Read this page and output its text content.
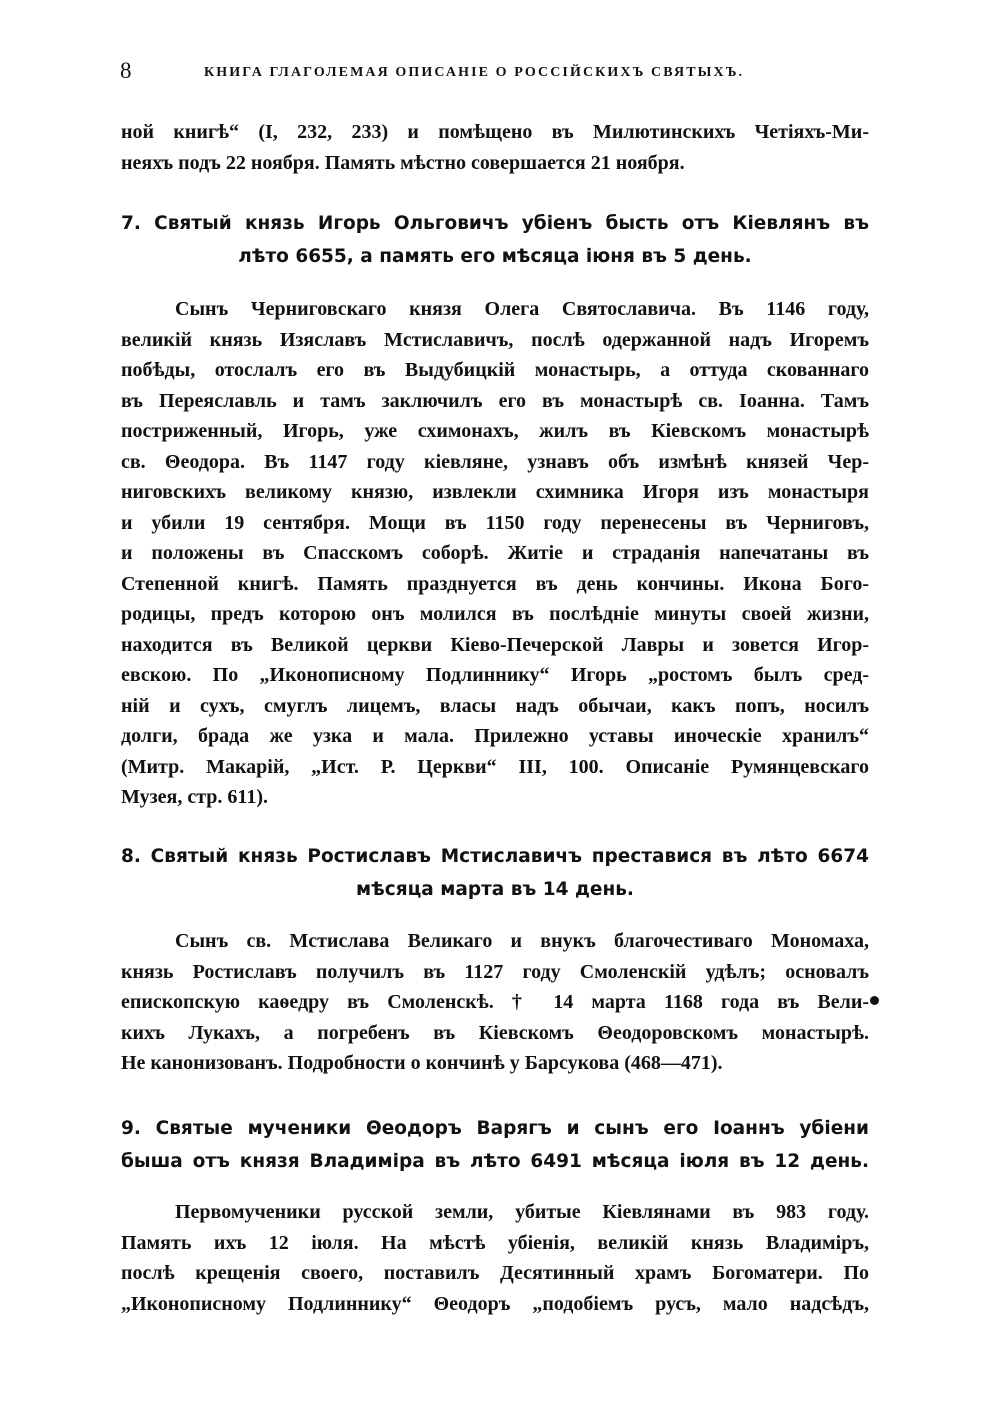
8	КНИГА ГЛАГОЛЕМАЯ ОПИСАНІЕ О РОССІЙСКИХЪ СВЯТЫХЪ.
ной книгѣ“ (I, 232, 233) и помѣщено въ Милютинскихъ Четіяхъ-Ми-
неяхъ подъ 22 ноября. Память мѣстно совершается 21 ноября.
7. Святый князь Игорь Ольговичъ убіенъ бысть отъ Кіевлянъ въ
лѣто 6655, а память его мѣсяца іюня въ 5 день.
Сынъ Черниговскаго князя Олега Святославича. Въ 1146 году,
великій князь Изяславъ Мстиславичъ, послѣ одержанной надъ Игоремъ
побѣды, отослалъ его въ Выдубицкій монастырь, а оттуда скованнаго
въ Переяславль и тамъ заключилъ его въ монастырѣ св. Іоанна. Тамъ
постриженный, Игорь, уже схимонахъ, жилъ въ Кіевскомъ монастырѣ
св. Θеодора. Въ 1147 году кіевляне, узнавъ объ измѣнѣ князей Чер-
ниговскихъ великому князю, извлекли схимника Игоря изъ монастыря
и убили 19 сентября. Мощи въ 1150 году перенесены въ Черниговъ,
и положены въ Спасскомъ соборѣ. Житіе и страданія напечатаны въ
Степенной книгѣ. Память празднуется въ день кончины. Икона Бого-
родицы, предъ которою онъ молился въ послѣдніе минуты своей жизни,
находится въ Великой церкви Кіево-Печерской Лавры и зовется Игор-
евскою. По „Иконописному Подлиннику“ Игорь „ростомъ былъ сред-
ній и сухъ, смуглъ лицемъ, власы надъ обычаи, какъ попъ, носилъ
долги, брада же узка и мала. Прилежно уставы иноческіе хранилъ“
(Митр. Макарій, „Ист. Р. Церкви“ III, 100. Описаніе Румянцевскаго
Музея, стр. 611).
8. Святый князь Ростиславъ Мстиславичъ преставися въ лѣто 6674
мѣсяца марта въ 14 день.
Сынъ св. Мстислава Великаго и внукъ благочестиваго Мономаха,
князь Ростиславъ получилъ въ 1127 году Смоленскій удѣлъ; основалъ
епископскую каѳедру въ Смоленскѣ. † 14 марта 1168 года въ Вели-
кихъ Лукахъ, а погребенъ въ Кіевскомъ Θеодоровскомъ монастырѣ.
Не канонизованъ. Подробности о кончинѣ у Барсукова (468—471).
9. Святые мученики Θеодоръ Варягъ и сынъ его Іоаннъ убіени
быша отъ князя Владиміра въ лѣто 6491 мѣсяца іюля въ 12 день.
Первомученики русской земли, убитые Кіевлянами въ 983 году.
Память ихъ 12 іюля. На мѣстѣ убіенія, великій князь Владиміръ,
послѣ крещенія своего, поставилъ Десятинный храмъ Богоматери. По
„Иконописному Подлиннику“ Θеодоръ „подобіемъ русъ, мало надсѣдъ,
